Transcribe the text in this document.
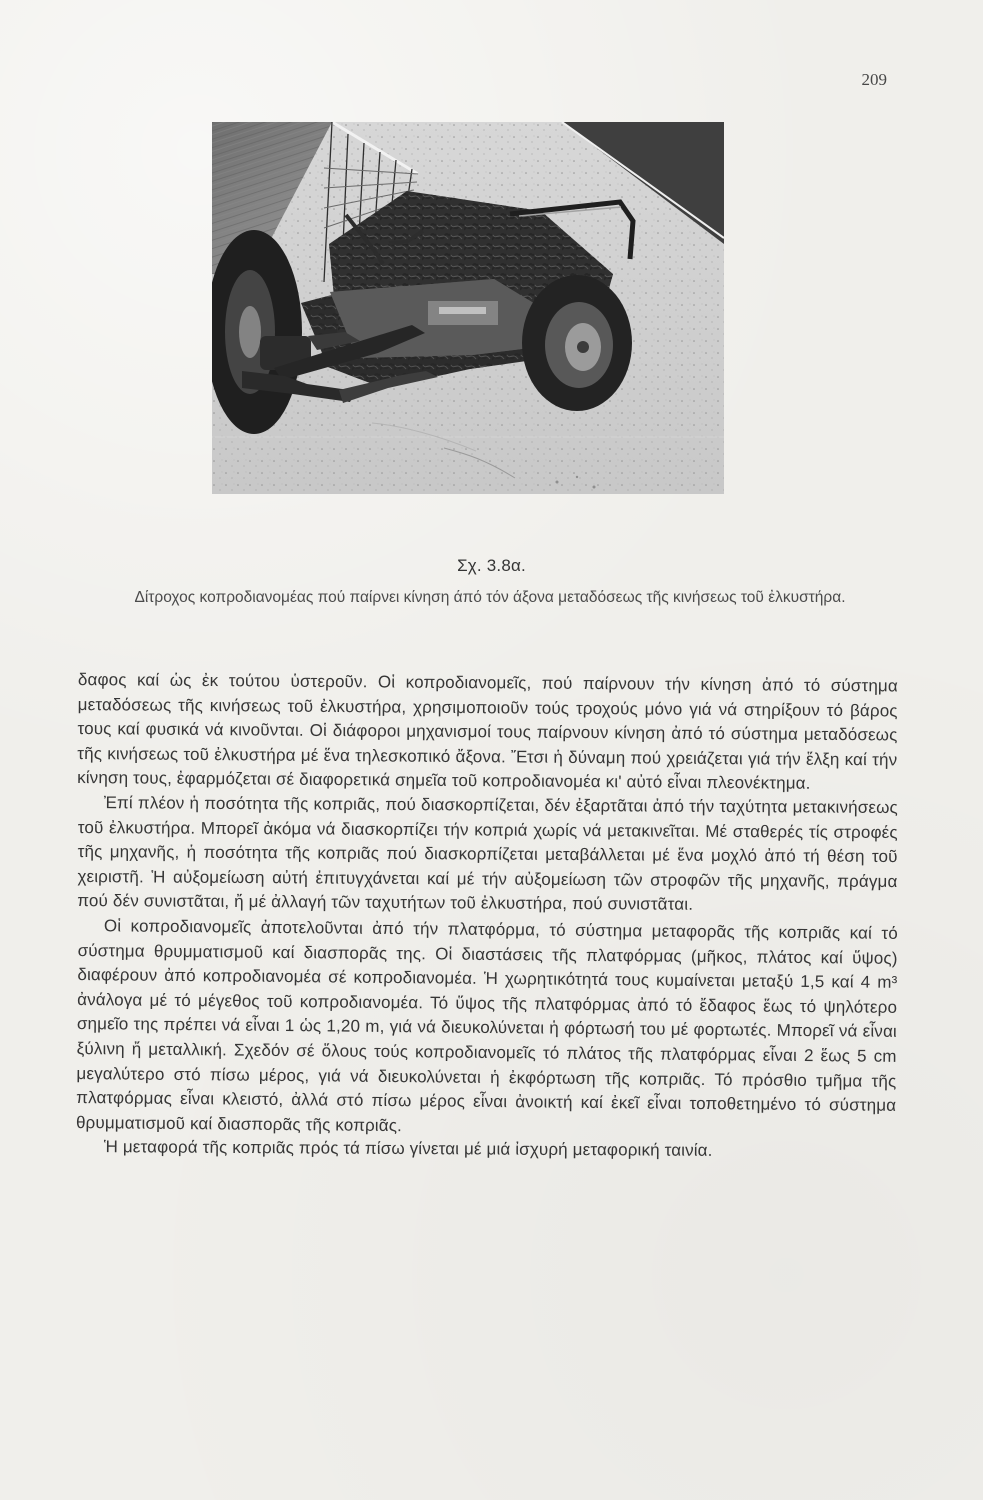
209
Σχ. 3.8α.
Δίτροχος κοπροδιανομέας πού παίρνει κίνηση άπό τόν άξονα μεταδόσεως τῆς κινήσεως τοῦ ἐλκυστήρα.

δαφος καί ὡς ἐκ τούτου ὑστεροῦν. Οἱ κοπροδιανομεῖς, πού παίρνουν τήν κίνηση ἀπό τό σύστημα μεταδόσεως τῆς κινήσεως τοῦ ἐλκυστήρα, χρησιμοποιοῦν τούς τροχούς μόνο γιά νά στηρίξουν τό βάρος τους καί φυσικά νά κινοῦνται. Οἱ διάφοροι μηχανισμοί τους παίρνουν κίνηση ἀπό τό σύστημα μεταδόσεως τῆς κινήσεως τοῦ ἐλκυστήρα μέ ἕνα τηλεσκοπικό ἄξονα. Ἔτσι ἡ δύναμη πού χρειάζεται γιά τήν ἕλξη καί τήν κίνηση τους, ἐφαρμόζεται σέ διαφορετικά σημεῖα τοῦ κοπροδιανομέα κι' αὐτό εἶναι πλεονέκτημα.

Ἐπί πλέον ἡ ποσότητα τῆς κοπριᾶς, πού διασκορπίζεται, δέν ἐξαρτᾶται ἀπό τήν ταχύτητα μετακινήσεως τοῦ ἐλκυστήρα. Μπορεῖ ἀκόμα νά διασκορπίζει τήν κοπριά χωρίς νά μετακινεῖται. Μέ σταθερές τίς στροφές τῆς μηχανῆς, ἡ ποσότητα τῆς κοπριᾶς πού διασκορπίζεται μεταβάλλεται μέ ἕνα μοχλό ἀπό τή θέση τοῦ χειριστῆ. Ἡ αὐξομείωση αὐτή ἐπιτυγχάνεται καί μέ τήν αὐξομείωση τῶν στροφῶν τῆς μηχανῆς, πράγμα πού δέν συνιστᾶται, ἤ μέ ἀλλαγή τῶν ταχυτήτων τοῦ ἐλκυστήρα, πού συνιστᾶται.

Οἱ κοπροδιανομεῖς ἀποτελοῦνται ἀπό τήν πλατφόρμα, τό σύστημα μεταφορᾶς τῆς κοπριᾶς καί τό σύστημα θρυμματισμοῦ καί διασπορᾶς της. Οἱ διαστάσεις τῆς πλατφόρμας (μῆκος, πλάτος καί ὕψος) διαφέρουν ἀπό κοπροδιανομέα σέ κοπροδιανομέα. Ἡ χωρητικότητά τους κυμαίνεται μεταξύ 1,5 καί 4 m³ ἀνάλογα μέ τό μέγεθος τοῦ κοπροδιανομέα. Τό ὕψος τῆς πλατφόρμας ἀπό τό ἔδαφος ἕως τό ψηλότερο σημεῖο της πρέπει νά εἶναι 1 ὡς 1,20 m, γιά νά διευκολύνεται ἡ φόρτωσή του μέ φορτωτές. Μπορεῖ νά εἶναι ξύλινη ἤ μεταλλική. Σχεδόν σέ ὅλους τούς κοπροδιανομεῖς τό πλάτος τῆς πλατφόρμας εἶναι 2 ἕως 5 cm μεγαλύτερο στό πίσω μέρος, γιά νά διευκολύνεται ἡ ἐκφόρτωση τῆς κοπριᾶς. Τό πρόσθιο τμῆμα τῆς πλατφόρμας εἶναι κλειστό, ἀλλά στό πίσω μέρος εἶναι ἀνοικτή καί ἐκεῖ εἶναι τοποθετημένο τό σύστημα θρυμματισμοῦ καί διασπορᾶς τῆς κοπριᾶς.

Ἡ μεταφορά τῆς κοπριᾶς πρός τά πίσω γίνεται μέ μιά ἰσχυρή μεταφορική ταινία.
